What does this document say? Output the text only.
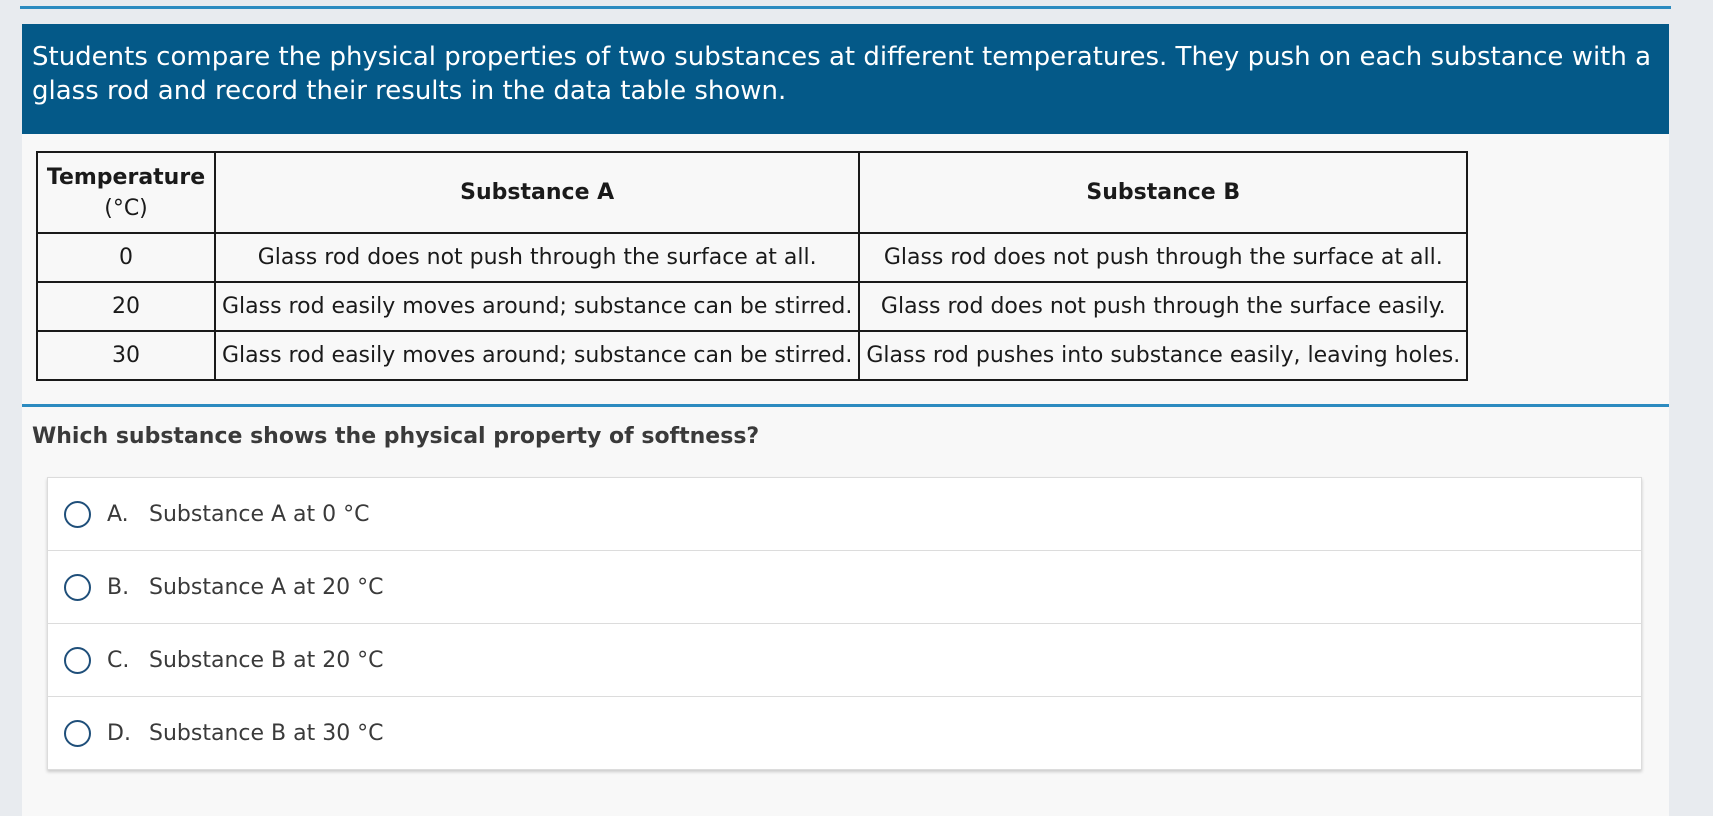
Students compare the physical properties of two substances at different temperatures. They push on each substance with a glass rod and record their results in the data table shown.
Temperature
(°C)	Substance A	Substance B
0	Glass rod does not push through the surface at all.	Glass rod does not push through the surface at all.
20	Glass rod easily moves around; substance can be stirred.	Glass rod does not push through the surface easily.
30	Glass rod easily moves around; substance can be stirred.	Glass rod pushes into substance easily, leaving holes.
Which substance shows the physical property of softness?
A. Substance A at 0 °C
B. Substance A at 20 °C
C. Substance B at 20 °C
D. Substance B at 30 °C
